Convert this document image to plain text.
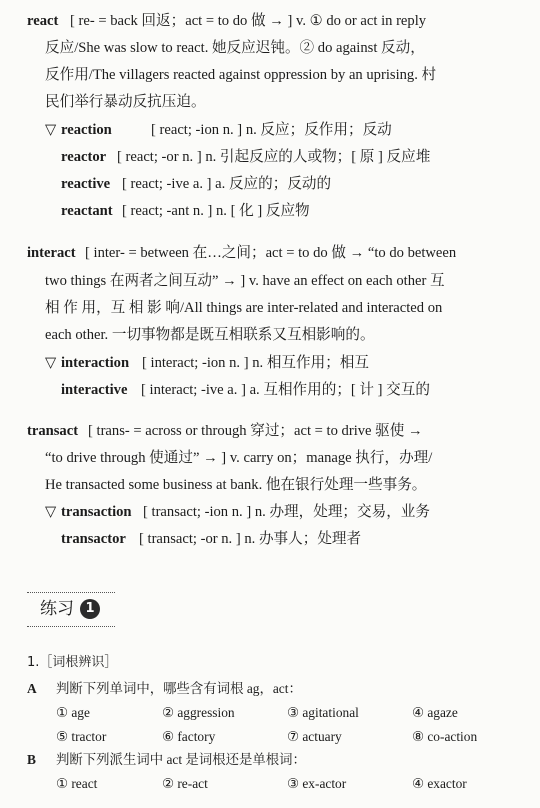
react [ re- = back 回返；act = to do 做 → ] v. ① do or act in reply
反应/She was slow to react. 她反应迟钝。② do against 反动，
反作用/The villagers reacted against oppression by an uprising. 村
民们举行暴动反抗压迫。
▽ reaction	[ react; -ion n. ] n. 反应；反作用；反动
reactor [ react; -or n. ] n. 引起反应的人或物；[ 原 ] 反应堆
reactive [ react; -ive a. ] a. 反应的；反动的
reactant [ react; -ant n. ] n. [ 化 ] 反应物
interact [ inter- = between 在…之间；act = to do 做 → “to do between
two things 在两者之间互动” → ] v. have an effect on each other 互
相 作 用，互 相 影 响/All things are inter-related and interacted on
each other. 一切事物都是既互相联系又互相影响的。
▽ interaction [ interact; -ion n. ] n. 相互作用；相互
interactive [ interact; -ive a. ] a. 互相作用的；[ 计 ] 交互的
transact [ trans- = across or through 穿过；act = to drive 驱使 →
“to drive through 使通过” → ] v. carry on；manage 执行，办理/
He transacted some business at bank. 他在银行处理一些事务。
▽ transaction [ transact; -ion n. ] n. 办理，处理；交易，业务
transactor [ transact; -or n. ] n. 办事人；处理者
练习 1
1.［词根辨识］
A 判断下列单词中，哪些含有词根 ag，act：
① age	② aggression	③ agitational	④ agaze
⑤ tractor	⑥ factory	⑦ actuary	⑧ co-action
B 判断下列派生词中 act 是词根还是单根词：
① react	② re-act	③ ex-actor	④ exactor
